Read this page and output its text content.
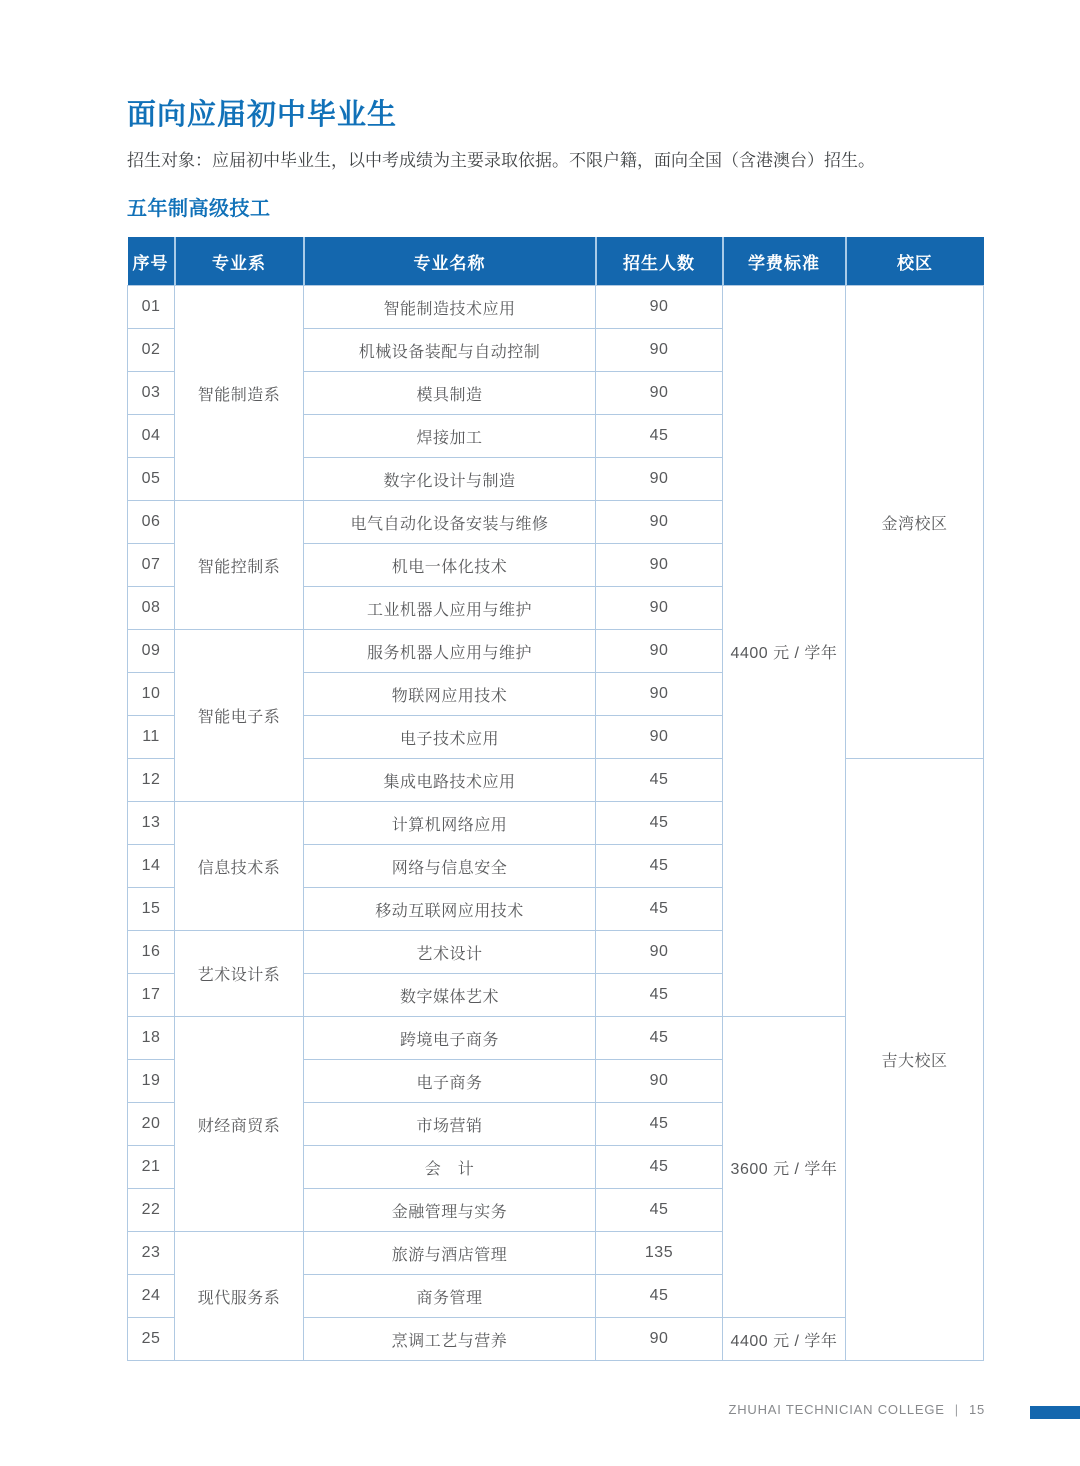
面向应届初中毕业生
招生对象：应届初中毕业生，以中考成绩为主要录取依据。不限户籍，面向全国（含港澳台）招生。
五年制高级技工
序号	专业系	专业名称	招生人数	学费标准	校区
01	智能制造系	智能制造技术应用	90	4400 元 / 学年	金湾校区
02		机械设备装配与自动控制	90		
03		模具制造	90		
04		焊接加工	45		
05		数字化设计与制造	90		
06	智能控制系	电气自动化设备安装与维修	90		
07		机电一体化技术	90		
08		工业机器人应用与维护	90		
09	智能电子系	服务机器人应用与维护	90		
10		物联网应用技术	90		
11		电子技术应用	90		
12		集成电路技术应用	45		吉大校区
13	信息技术系	计算机网络应用	45		
14		网络与信息安全	45		
15		移动互联网应用技术	45		
16	艺术设计系	艺术设计	90		
17		数字媒体艺术	45		
18	财经商贸系	跨境电子商务	45	3600 元 / 学年	
19		电子商务	90		
20		市场营销	45		
21		会　计	45		
22		金融管理与实务	45		
23	现代服务系	旅游与酒店管理	135		
24		商务管理	45		
25		烹调工艺与营养	90	4400 元 / 学年	
ZHUHAI TECHNICIAN COLLEGE | 15
